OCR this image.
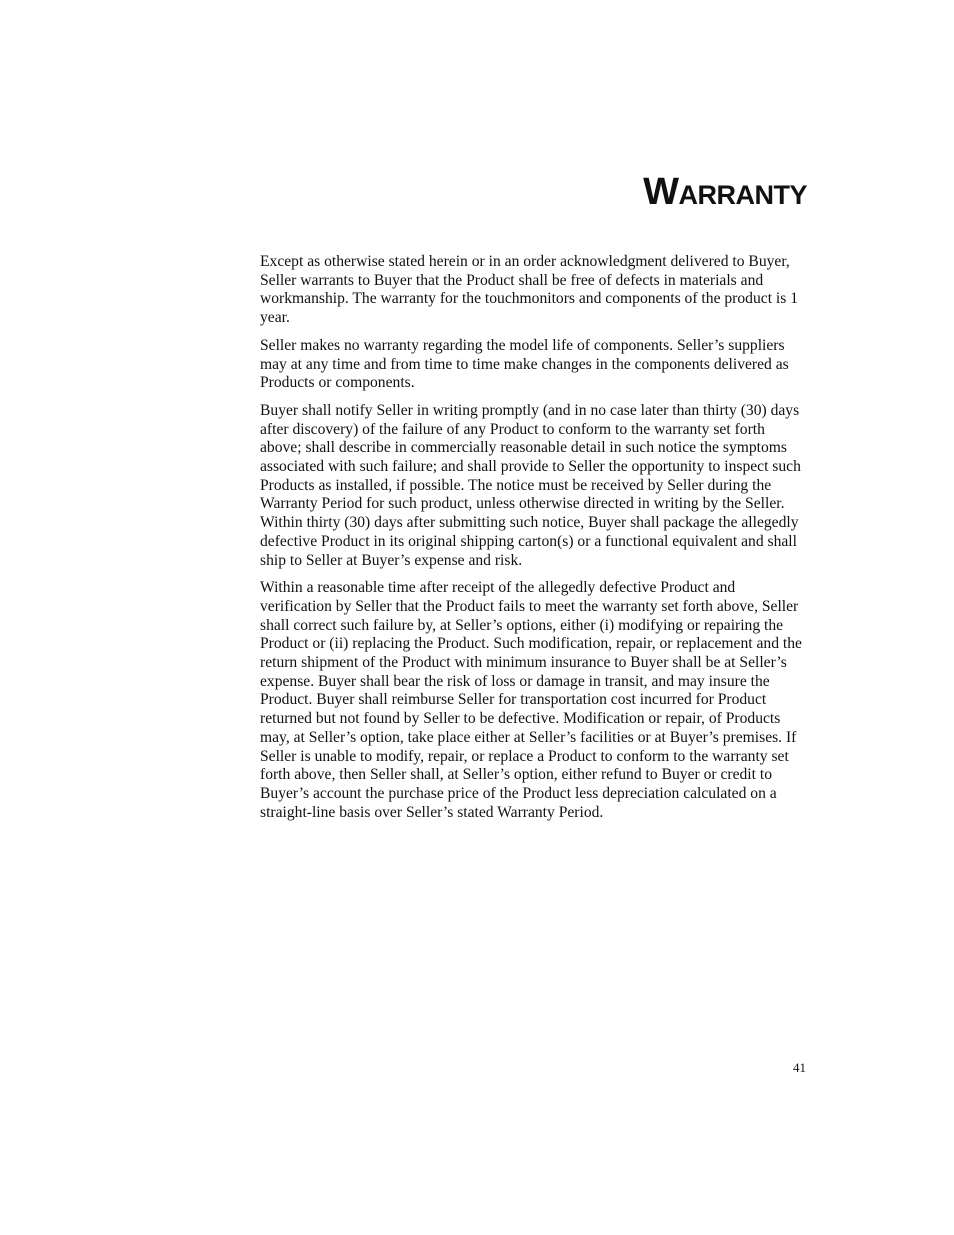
Warranty

Except as otherwise stated herein or in an order acknowledgment delivered to Buyer, Seller warrants to Buyer that the Product shall be free of defects in materials and workmanship. The warranty for the touchmonitors and components of the product is 1 year.

Seller makes no warranty regarding the model life of components. Seller’s suppliers may at any time and from time to time make changes in the components delivered as Products or components.

Buyer shall notify Seller in writing promptly (and in no case later than thirty (30) days after discovery) of the failure of any Product to conform to the warranty set forth above; shall describe in commercially reasonable detail in such notice the symptoms associated with such failure; and shall provide to Seller the opportunity to inspect such Products as installed, if possible. The notice must be received by Seller during the Warranty Period for such product, unless otherwise directed in writing by the Seller. Within thirty (30) days after submitting such notice, Buyer shall package the allegedly defective Product in its original shipping carton(s) or a functional equivalent and shall ship to Seller at Buyer’s expense and risk.

Within a reasonable time after receipt of the allegedly defective Product and verification by Seller that the Product fails to meet the warranty set forth above, Seller shall correct such failure by, at Seller’s options, either (i) modifying or repairing the Product or (ii) replacing the Product. Such modification, repair, or replacement and the return shipment of the Product with minimum insurance to Buyer shall be at Seller’s expense. Buyer shall bear the risk of loss or damage in transit, and may insure the Product. Buyer shall reimburse Seller for transportation cost incurred for Product returned but not found by Seller to be defective. Modification or repair, of Products may, at Seller’s option, take place either at Seller’s facilities or at Buyer’s premises. If Seller is unable to modify, repair, or replace a Product to conform to the warranty set forth above, then Seller shall, at Seller’s option, either refund to Buyer or credit to Buyer’s account the purchase price of the Product less depreciation calculated on a straight-line basis over Seller’s stated Warranty Period.

41
